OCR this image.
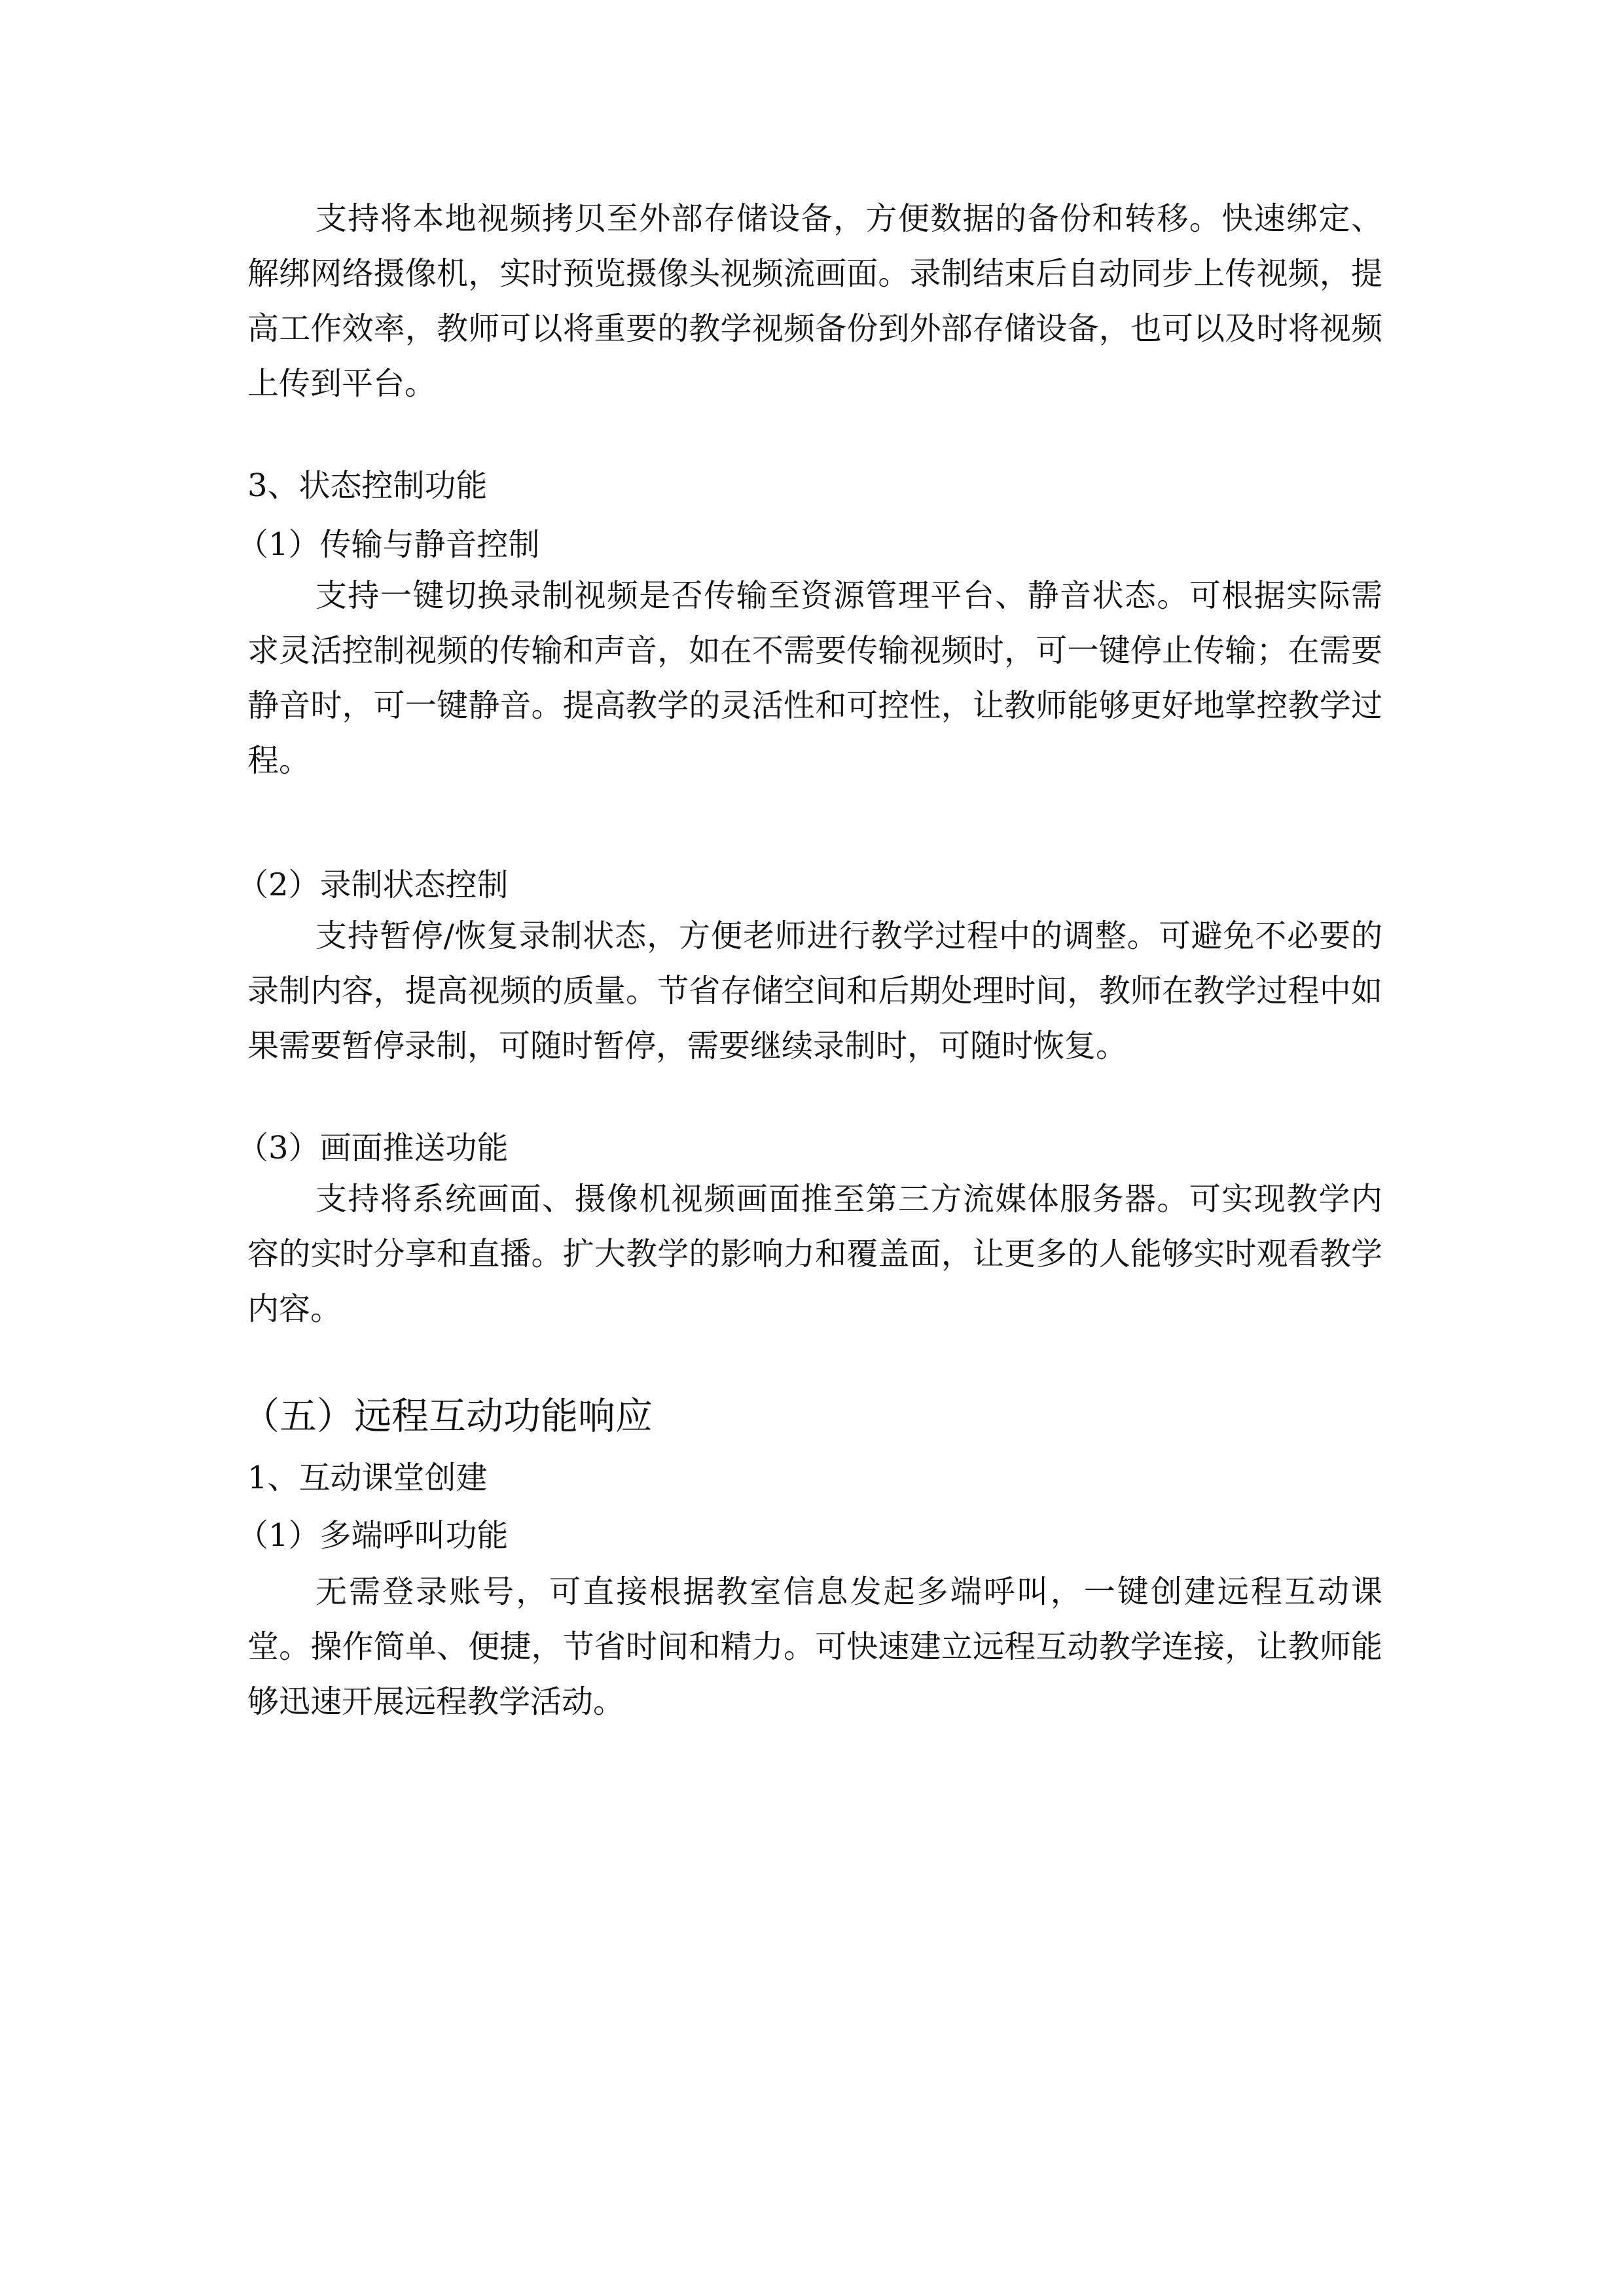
支持将本地视频拷贝至外部存储设备，方便数据的备份和转移。快速绑定、解绑网络摄像机，实时预览摄像头视频流画面。录制结束后自动同步上传视频，提高工作效率，教师可以将重要的教学视频备份到外部存储设备，也可以及时将视频上传到平台。

3、状态控制功能
（1）传输与静音控制

支持一键切换录制视频是否传输至资源管理平台、静音状态。可根据实际需求灵活控制视频的传输和声音，如在不需要传输视频时，可一键停止传输；在需要静音时，可一键静音。提高教学的灵活性和可控性，让教师能够更好地掌控教学过程。

（2）录制状态控制

支持暂停/恢复录制状态，方便老师进行教学过程中的调整。可避免不必要的录制内容，提高视频的质量。节省存储空间和后期处理时间，教师在教学过程中如果需要暂停录制，可随时暂停，需要继续录制时，可随时恢复。

（3）画面推送功能

支持将系统画面、摄像机视频画面推至第三方流媒体服务器。可实现教学内容的实时分享和直播。扩大教学的影响力和覆盖面，让更多的人能够实时观看教学内容。

（五）远程互动功能响应
1、互动课堂创建
（1）多端呼叫功能

无需登录账号，可直接根据教室信息发起多端呼叫，一键创建远程互动课堂。操作简单、便捷，节省时间和精力。可快速建立远程互动教学连接，让教师能够迅速开展远程教学活动。
